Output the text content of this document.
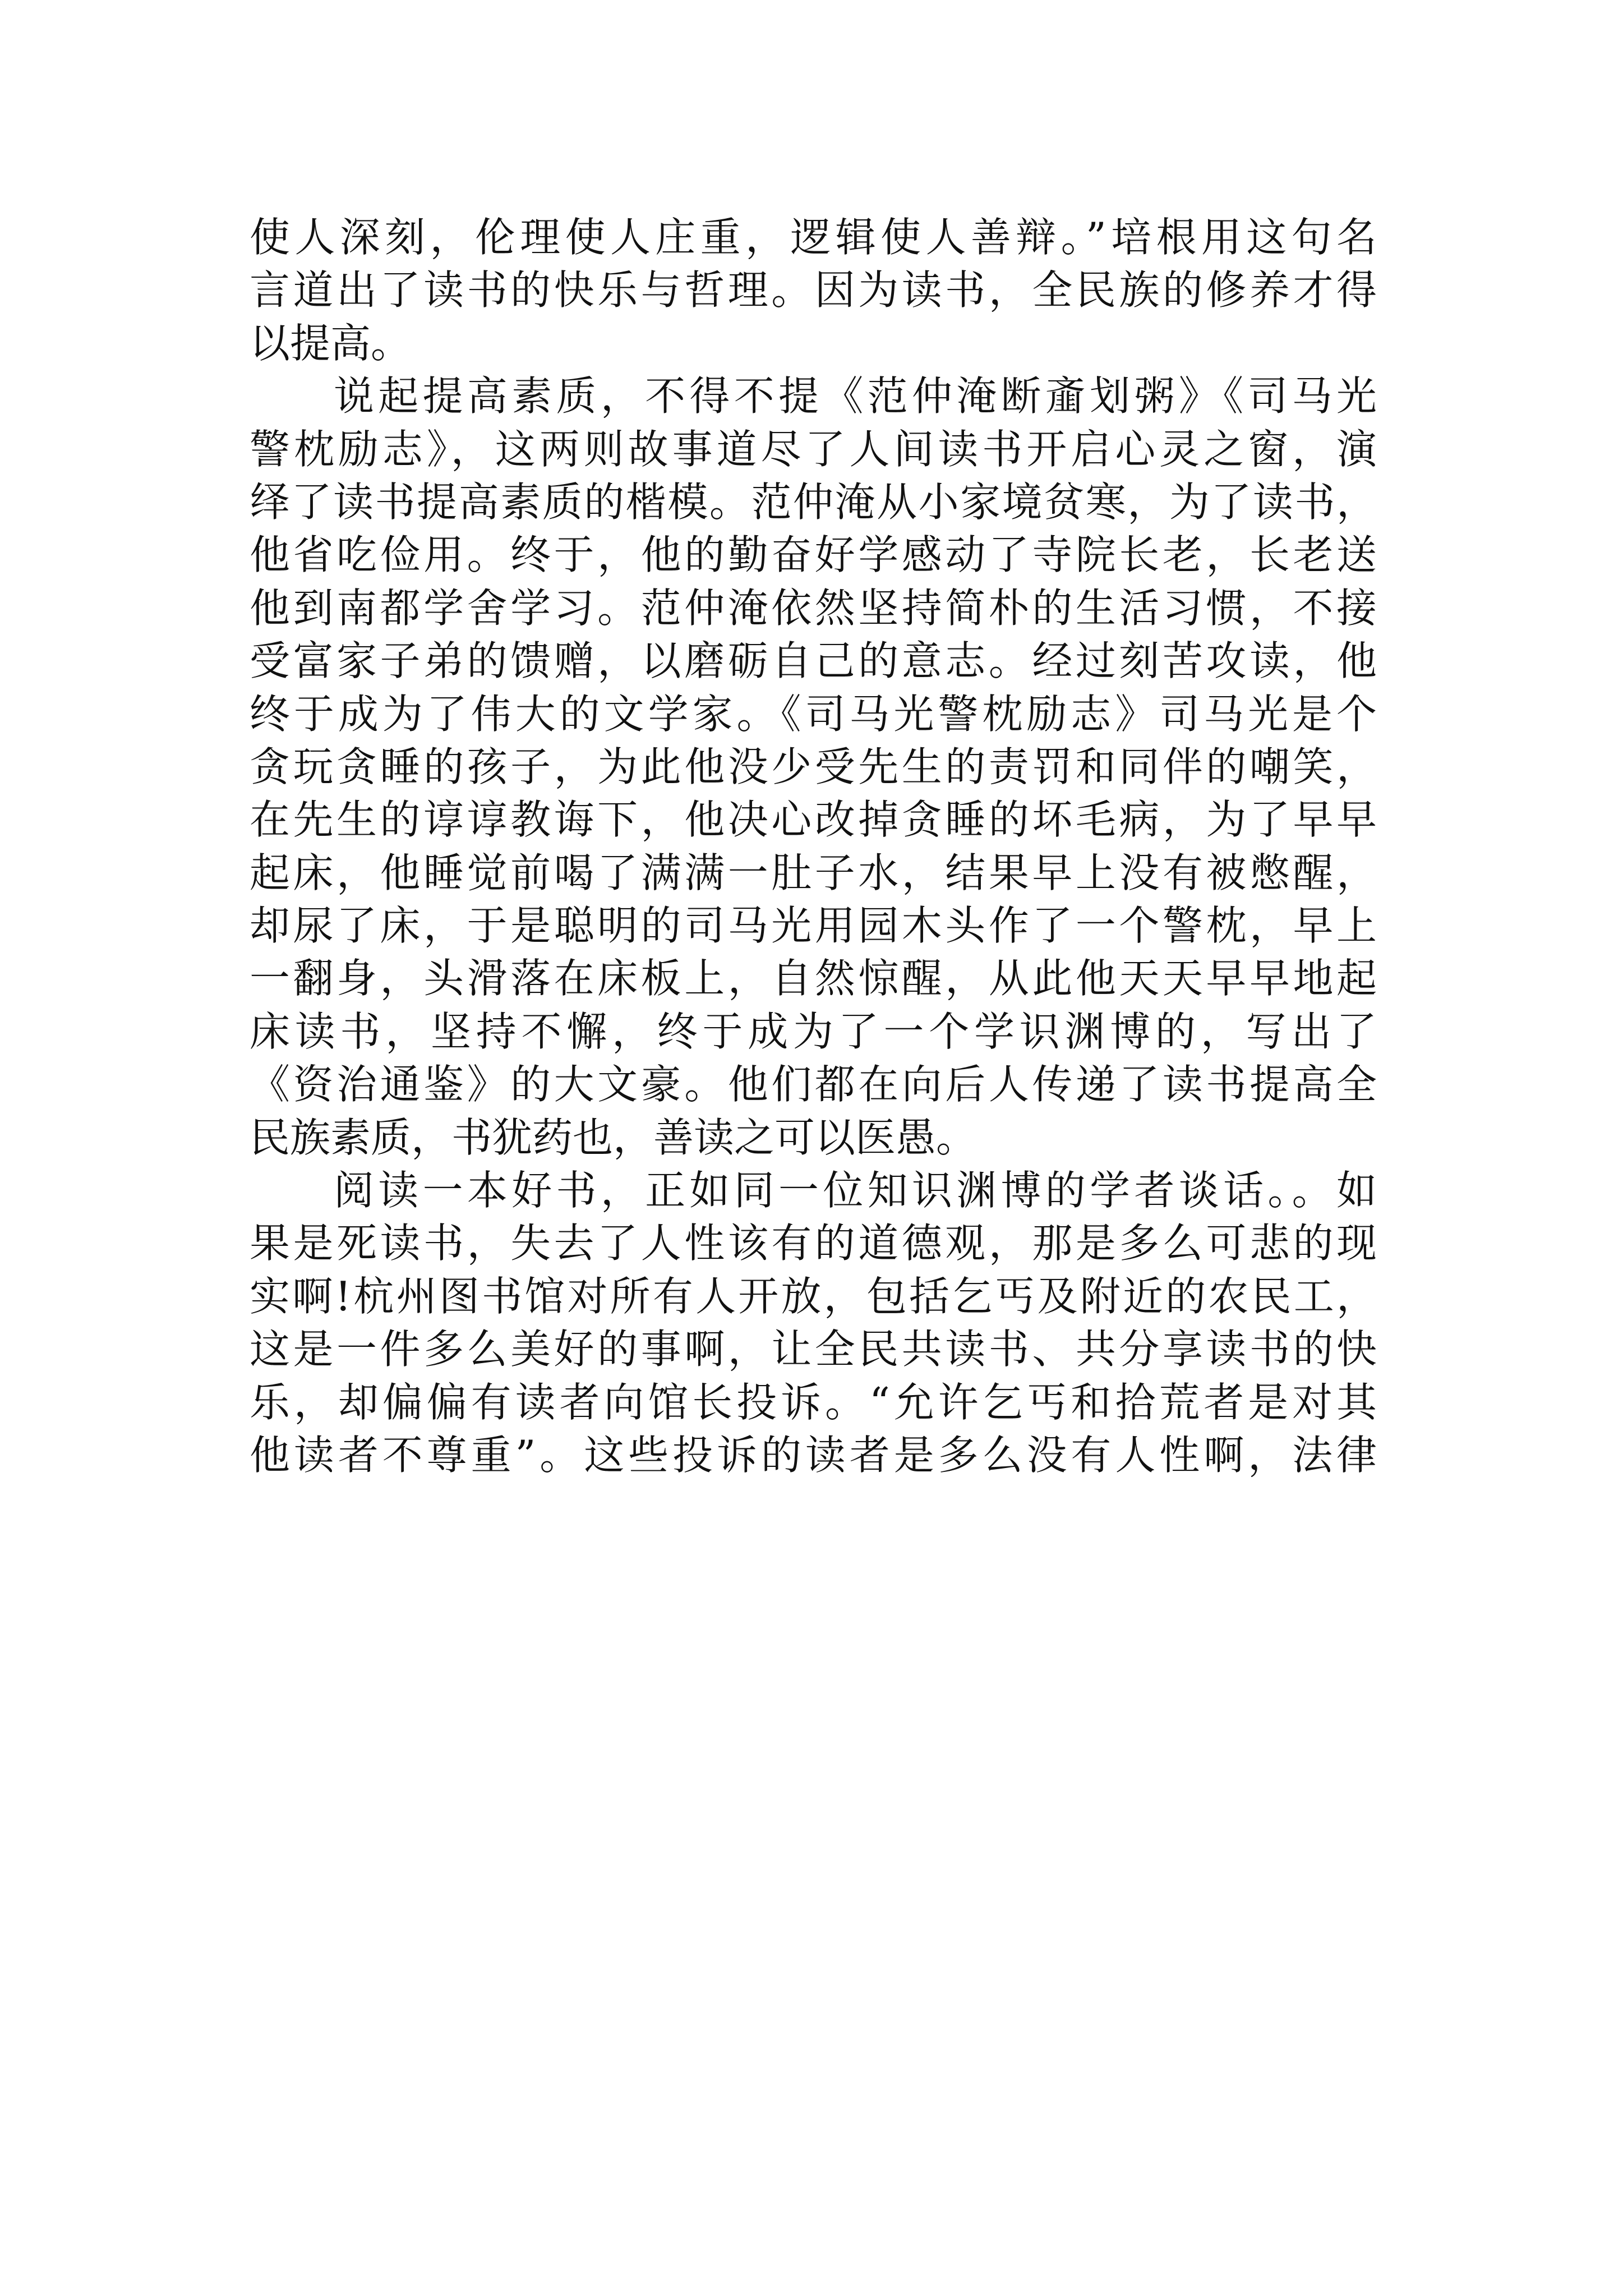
使人深刻，伦理使人庄重，逻辑使人善辩。”培根用这句名
言道出了读书的快乐与哲理。因为读书，全民族的修养才得
以提高。
说起提高素质，不得不提《范仲淹断齑划粥》《司马光
警枕励志》，这两则故事道尽了人间读书开启心灵之窗，演
绎了读书提高素质的楷模。范仲淹从小家境贫寒，为了读书，
他省吃俭用。终于，他的勤奋好学感动了寺院长老，长老送
他到南都学舍学习。范仲淹依然坚持简朴的生活习惯，不接
受富家子弟的馈赠，以磨砺自己的意志。经过刻苦攻读，他
终于成为了伟大的文学家。《司马光警枕励志》司马光是个
贪玩贪睡的孩子，为此他没少受先生的责罚和同伴的嘲笑，
在先生的谆谆教诲下，他决心改掉贪睡的坏毛病，为了早早
起床，他睡觉前喝了满满一肚子水，结果早上没有被憋醒，
却尿了床，于是聪明的司马光用园木头作了一个警枕，早上
一翻身，头滑落在床板上，自然惊醒，从此他天天早早地起
床读书，坚持不懈，终于成为了一个学识渊博的，写出了
《资治通鉴》的大文豪。他们都在向后人传递了读书提高全
民族素质，书犹药也，善读之可以医愚。
阅读一本好书，正如同一位知识渊博的学者谈话。。如
果是死读书，失去了人性该有的道德观，那是多么可悲的现
实啊!杭州图书馆对所有人开放，包括乞丐及附近的农民工，
这是一件多么美好的事啊，让全民共读书、共分享读书的快
乐，却偏偏有读者向馆长投诉。“允许乞丐和拾荒者是对其
他读者不尊重”。这些投诉的读者是多么没有人性啊，法律
